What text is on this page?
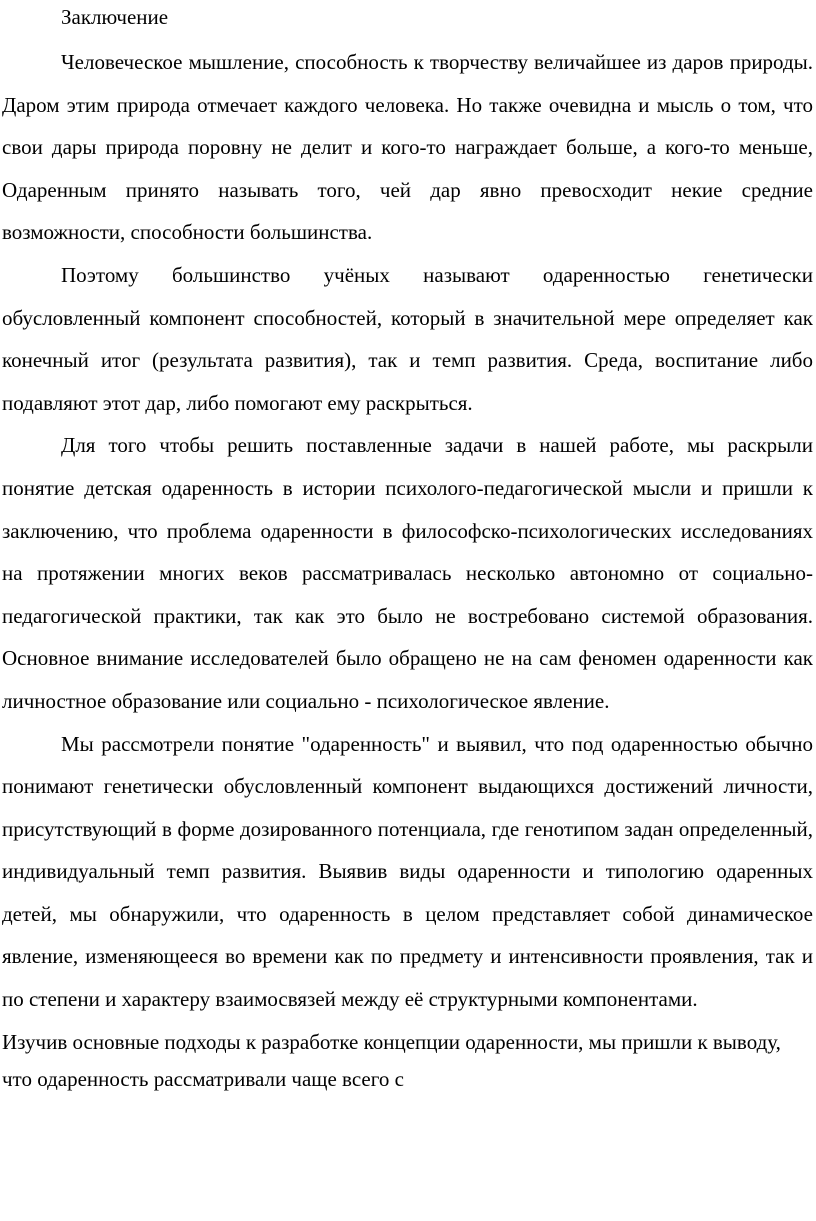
Заключение

Человеческое мышление, способность к творчеству величайшее из даров природы. Даром этим природа отмечает каждого человека. Но также очевидна и мысль о том, что свои дары природа поровну не делит и кого-то награждает больше, а кого-то меньше, Одаренным принято называть того, чей дар явно превосходит некие средние возможности, способности большинства.

Поэтому большинство учёных называют одаренностью генетически обусловленный компонент способностей, который в значительной мере определяет как конечный итог (результата развития), так и темп развития. Среда, воспитание либо подавляют этот дар, либо помогают ему раскрыться.

Для того чтобы решить поставленные задачи в нашей работе, мы раскрыли понятие детская одаренность в истории психолого-педагогической мысли и пришли к заключению, что проблема одаренности в философско-психологических исследованиях на протяжении многих веков рассматривалась несколько автономно от социально-педагогической практики, так как это было не востребовано системой образования. Основное внимание исследователей было обращено не на сам феномен одаренности как личностное образование или социально - психологическое явление.

Мы рассмотрели понятие "одаренность" и выявил, что под одаренностью обычно понимают генетически обусловленный компонент выдающихся достижений личности, присутствующий в форме дозированного потенциала, где генотипом задан определенный, индивидуальный темп развития. Выявив виды одаренности и типологию одаренных детей, мы обнаружили, что одаренность в целом представляет собой динамическое явление, изменяющееся во времени как по предмету и интенсивности проявления, так и по степени и характеру взаимосвязей между её структурными компонентами.

Изучив основные подходы к разработке концепции одаренности, мы пришли к выводу, что одаренность рассматривали чаще всего с
